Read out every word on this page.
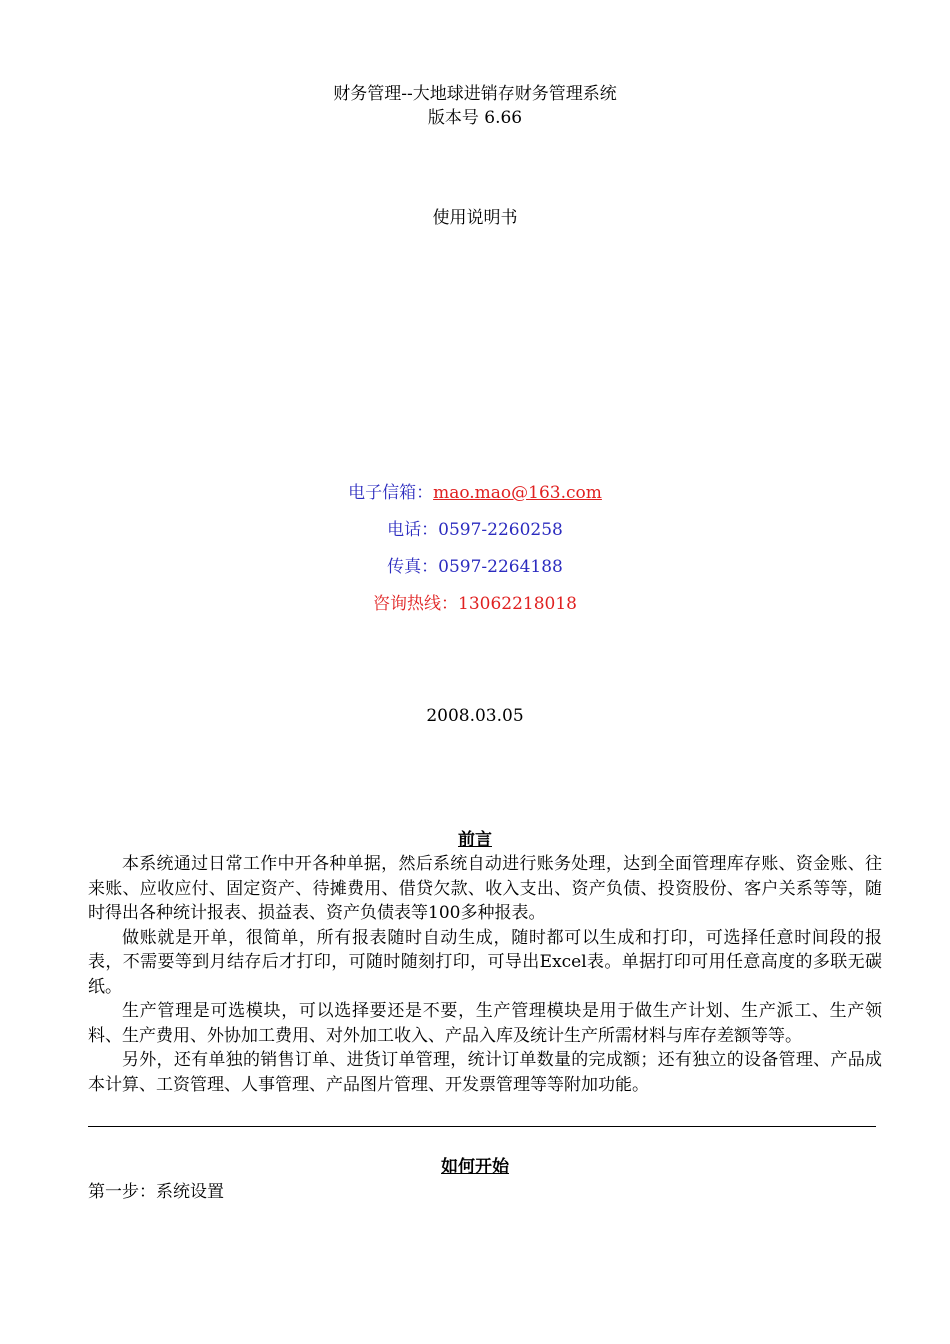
财务管理--大地球进销存财务管理系统
版本号 6.66
使用说明书
电子信箱：mao.mao@163.com
电话：0597-2260258
传真：0597-2264188
咨询热线：13062218018
2008.03.05
前言

本系统通过日常工作中开各种单据，然后系统自动进行账务处理，达到全面管理库存账、资金账、往来账、应收应付、固定资产、待摊费用、借贷欠款、收入支出、资产负债、投资股份、客户关系等等，随时得出各种统计报表、损益表、资产负债表等100多种报表。

做账就是开单，很简单，所有报表随时自动生成，随时都可以生成和打印，可选择任意时间段的报表，不需要等到月结存后才打印，可随时随刻打印，可导出Excel表。单据打印可用任意高度的多联无碳纸。

生产管理是可选模块，可以选择要还是不要，生产管理模块是用于做生产计划、生产派工、生产领料、生产费用、外协加工费用、对外加工收入、产品入库及统计生产所需材料与库存差额等等。

另外，还有单独的销售订单、进货订单管理，统计订单数量的完成额；还有独立的设备管理、产品成本计算、工资管理、人事管理、产品图片管理、开发票管理等等附加功能。

如何开始
第一步：系统设置
